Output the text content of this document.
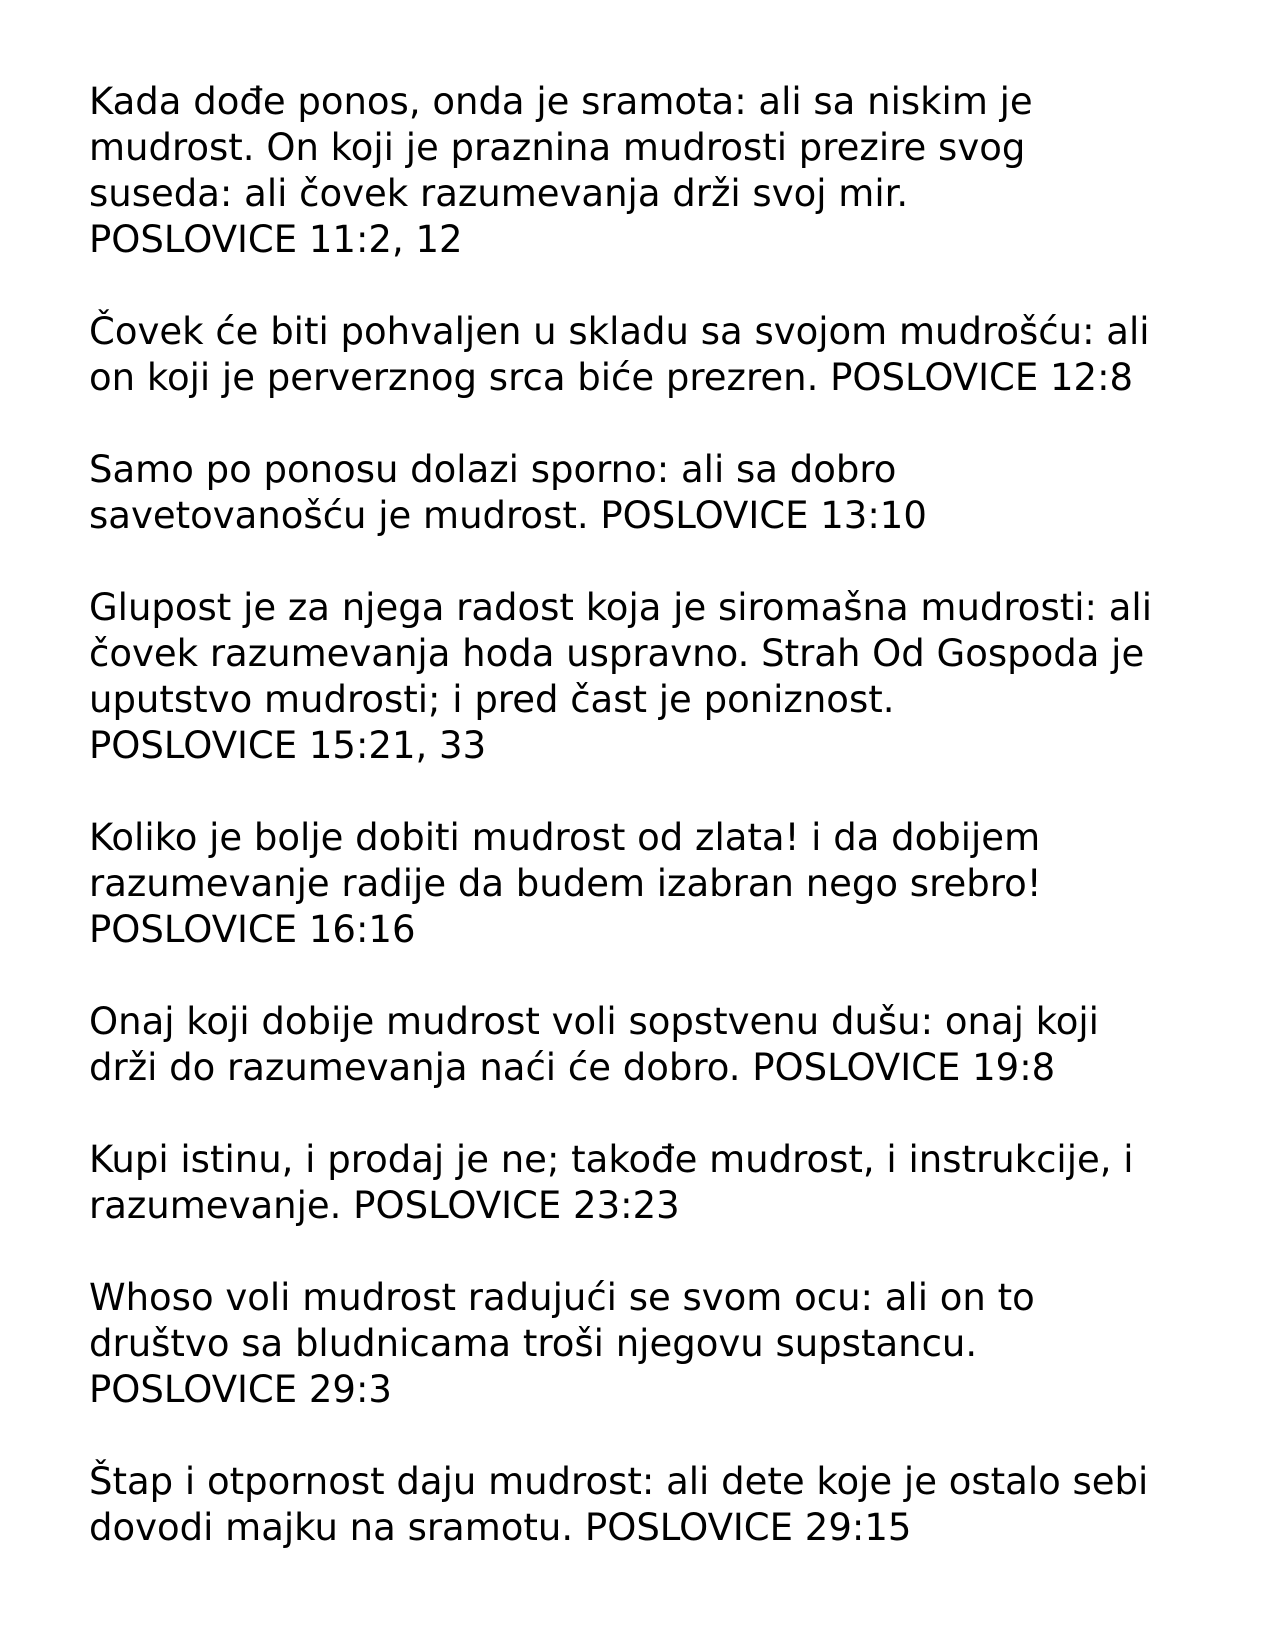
Kada dođe ponos, onda je sramota: ali sa niskim je
mudrost. On koji je praznina mudrosti prezire svog
suseda: ali čovek razumevanja drži svoj mir.
POSLOVICE 11:2, 12
Čovek će biti pohvaljen u skladu sa svojom mudrošću: ali
on koji je perverznog srca biće prezren. POSLOVICE 12:8
Samo po ponosu dolazi sporno: ali sa dobro
savetovanošću je mudrost. POSLOVICE 13:10
Glupost je za njega radost koja je siromašna mudrosti: ali
čovek razumevanja hoda uspravno. Strah Od Gospoda je
uputstvo mudrosti; i pred čast je poniznost.
POSLOVICE 15:21, 33
Koliko je bolje dobiti mudrost od zlata! i da dobijem
razumevanje radije da budem izabran nego srebro!
POSLOVICE 16:16
Onaj koji dobije mudrost voli sopstvenu dušu: onaj koji
drži do razumevanja naći će dobro. POSLOVICE 19:8
Kupi istinu, i prodaj je ne; takođe mudrost, i instrukcije, i
razumevanje. POSLOVICE 23:23
Whoso voli mudrost radujući se svom ocu: ali on to
društvo sa bludnicama troši njegovu supstancu.
POSLOVICE 29:3
Štap i otpornost daju mudrost: ali dete koje je ostalo sebi
dovodi majku na sramotu. POSLOVICE 29:15
